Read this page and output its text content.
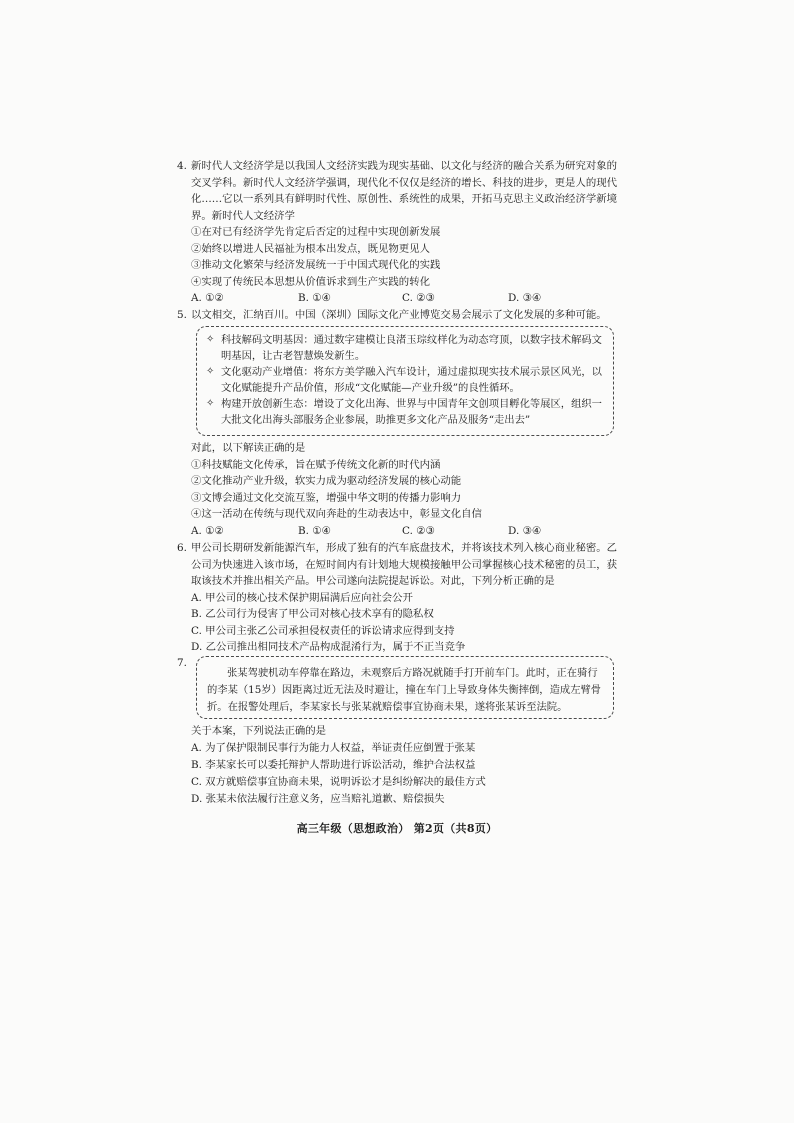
4. 新时代人文经济学是以我国人文经济实践为现实基础、以文化与经济的融合关系为研究对象的
交叉学科。新时代人文经济学强调，现代化不仅仅是经济的增长、科技的进步，更是人的现代
化……它以一系列具有鲜明时代性、原创性、系统性的成果，开拓马克思主义政治经济学新境
界。新时代人文经济学
①在对已有经济学先肯定后否定的过程中实现创新发展
②始终以增进人民福祉为根本出发点，既见物更见人
③推动文化繁荣与经济发展统一于中国式现代化的实践
④实现了传统民本思想从价值诉求到生产实践的转化
A. ①②	B. ①④	C. ②③	D. ③④
5. 以文相交，汇纳百川。中国（深圳）国际文化产业博览交易会展示了文化发展的多种可能。
✧ 科技解码文明基因：通过数字建模让良渚玉琮纹样化为动态穹顶，以数字技术解码文
明基因，让古老智慧焕发新生。
✧ 文化驱动产业增值：将东方美学融入汽车设计，通过虚拟现实技术展示景区风光，以
文化赋能提升产品价值，形成“文化赋能—产业升级”的良性循环。
✧ 构建开放创新生态：增设了文化出海、世界与中国青年文创项目孵化等展区，组织一
大批文化出海头部服务企业参展，助推更多文化产品及服务“走出去”
对此，以下解读正确的是
①科技赋能文化传承，旨在赋予传统文化新的时代内涵
②文化推动产业升级，软实力成为驱动经济发展的核心动能
③文博会通过文化交流互鉴，增强中华文明的传播力影响力
④这一活动在传统与现代双向奔赴的生动表达中，彰显文化自信
A. ①②	B. ①④	C. ②③	D. ③④
6. 甲公司长期研发新能源汽车，形成了独有的汽车底盘技术，并将该技术列入核心商业秘密。乙
公司为快速进入该市场，在短时间内有计划地大规模接触甲公司掌握核心技术秘密的员工，获
取该技术并推出相关产品。甲公司遂向法院提起诉讼。对此，下列分析正确的是
A. 甲公司的核心技术保护期届满后应向社会公开
B. 乙公司行为侵害了甲公司对核心技术享有的隐私权
C. 甲公司主张乙公司承担侵权责任的诉讼请求应得到支持
D. 乙公司推出相同技术产品构成混淆行为，属于不正当竞争
7.
张某驾驶机动车停靠在路边，未观察后方路况就随手打开前车门。此时，正在骑行
的李某（15岁）因距离过近无法及时避让，撞在车门上导致身体失衡摔倒，造成左臂骨
折。在报警处理后，李某家长与张某就赔偿事宜协商未果，遂将张某诉至法院。
关于本案，下列说法正确的是
A. 为了保护限制民事行为能力人权益，举证责任应倒置于张某
B. 李某家长可以委托辩护人帮助进行诉讼活动，维护合法权益
C. 双方就赔偿事宜协商未果，说明诉讼才是纠纷解决的最佳方式
D. 张某未依法履行注意义务，应当赔礼道歉、赔偿损失
高三年级（思想政治） 第2页（共8页）
